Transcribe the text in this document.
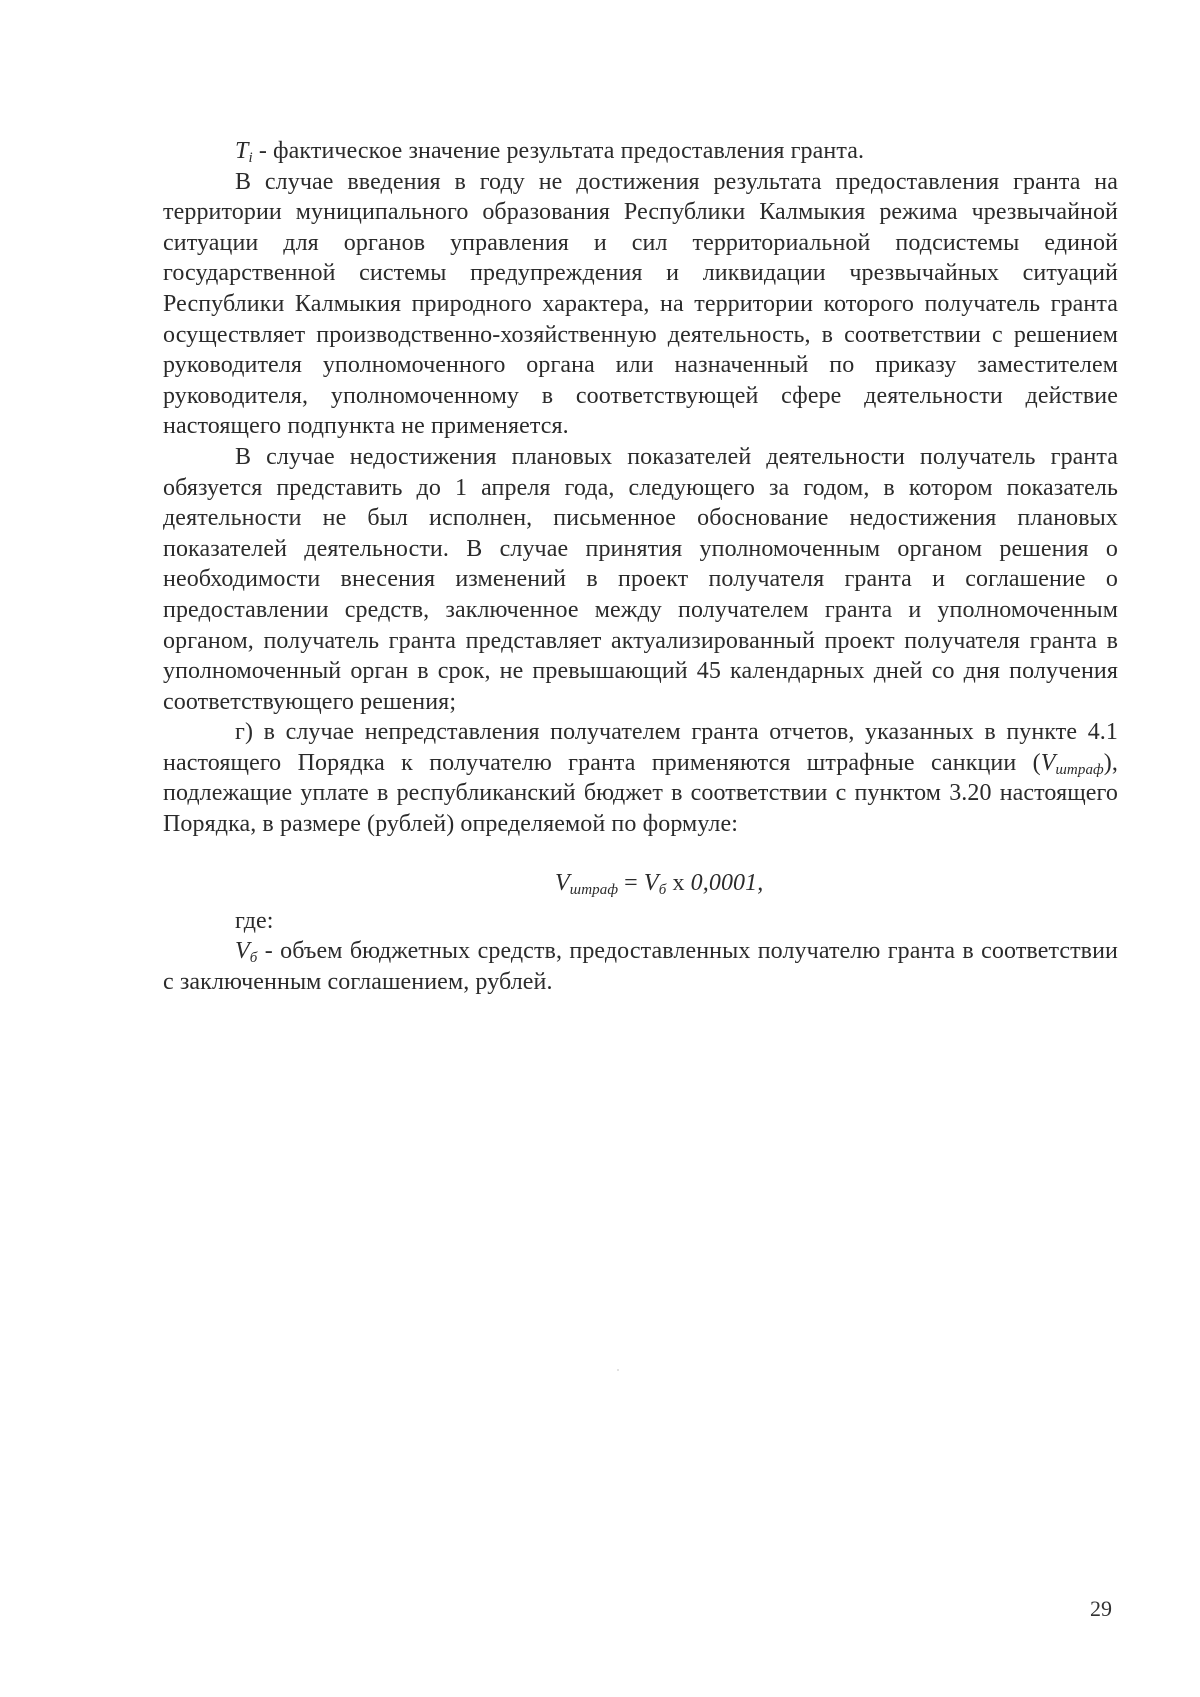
$T_i$ - фактическое значение результата предоставления гранта.

В случае введения в году не достижения результата предоставления гранта на территории муниципального образования Республики Калмыкия режима чрезвычайной ситуации для органов управления и сил территориальной подсистемы единой государственной системы предупреждения и ликвидации чрезвычайных ситуаций Республики Калмыкия природного характера, на территории которого получатель гранта осуществляет производственно-хозяйственную деятельность, в соответствии с решением руководителя уполномоченного органа или назначенный по приказу заместителем руководителя, уполномоченному в соответствующей сфере деятельности действие настоящего подпункта не применяется.

В случае недостижения плановых показателей деятельности получатель гранта обязуется представить до 1 апреля года, следующего за годом, в котором показатель деятельности не был исполнен, письменное обоснование недостижения плановых показателей деятельности. В случае принятия уполномоченным органом решения о необходимости внесения изменений в проект получателя гранта и соглашение о предоставлении средств, заключенное между получателем гранта и уполномоченным органом, получатель гранта представляет актуализированный проект получателя гранта в уполномоченный орган в срок, не превышающий 45 календарных дней со дня получения соответствующего решения;

г) в случае непредставления получателем гранта отчетов, указанных в пункте 4.1 настоящего Порядка к получателю гранта применяются штрафные санкции $(V_{штраф})$, подлежащие уплате в республиканский бюджет в соответствии с пунктом 3.20 настоящего Порядка, в размере (рублей) определяемой по формуле:

$V_{штраф} = V_б$ x 0,0001,

где:

$V_б$ - объем бюджетных средств, предоставленных получателю гранта в соответствии с заключенным соглашением, рублей.

29
